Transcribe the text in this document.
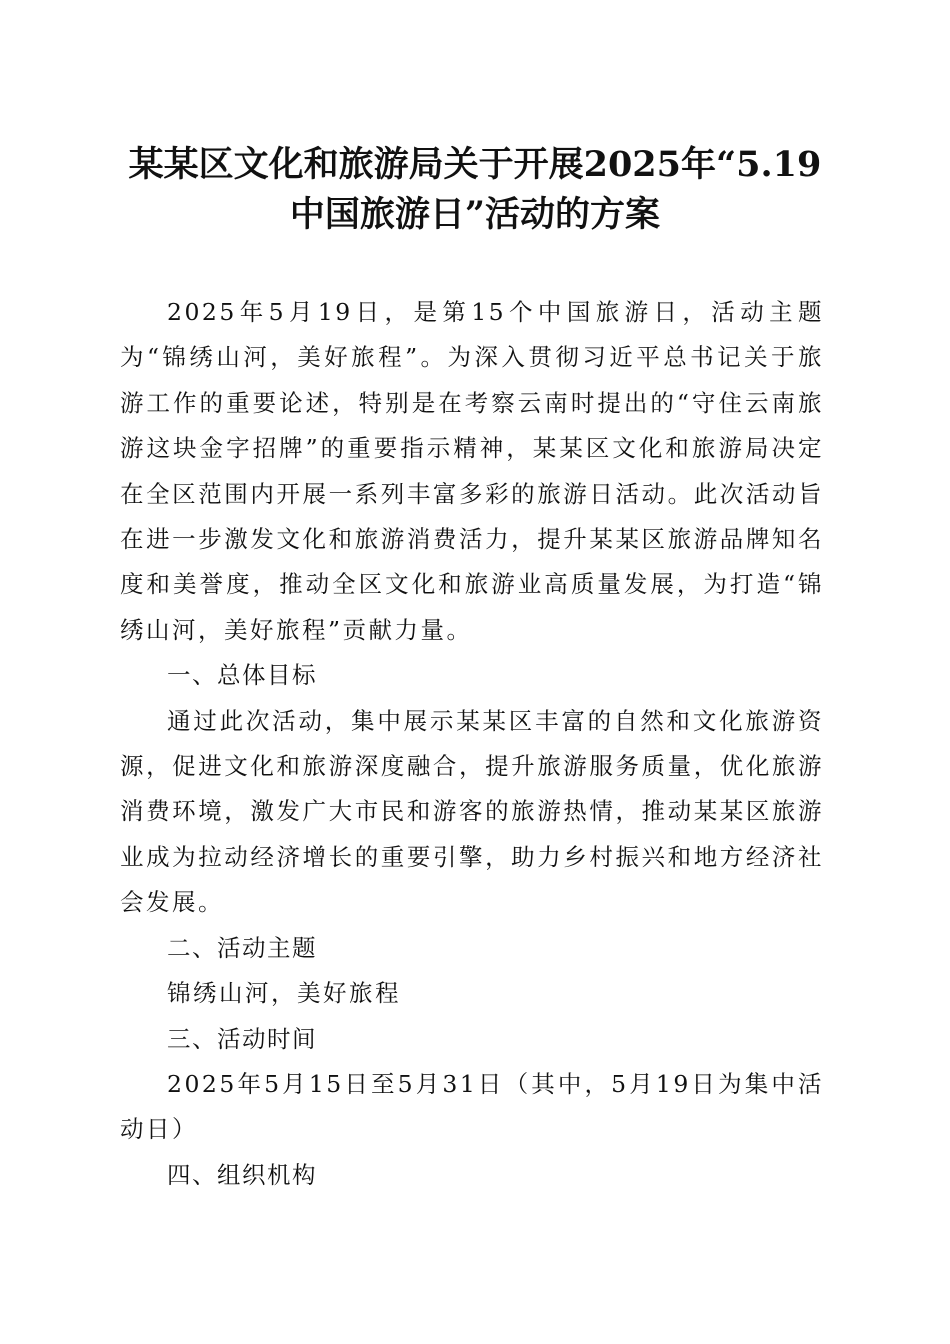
某某区文化和旅游局关于开展2025年“5.19
中国旅游日”活动的方案

2025年5月19日，是第15个中国旅游日，活动主题为“锦绣山河，美好旅程”。为深入贯彻习近平总书记关于旅游工作的重要论述，特别是在考察云南时提出的“守住云南旅游这块金字招牌”的重要指示精神，某某区文化和旅游局决定在全区范围内开展一系列丰富多彩的旅游日活动。此次活动旨在进一步激发文化和旅游消费活力，提升某某区旅游品牌知名度和美誉度，推动全区文化和旅游业高质量发展，为打造“锦绣山河，美好旅程”贡献力量。

一、总体目标

通过此次活动，集中展示某某区丰富的自然和文化旅游资源，促进文化和旅游深度融合，提升旅游服务质量，优化旅游消费环境，激发广大市民和游客的旅游热情，推动某某区旅游业成为拉动经济增长的重要引擎，助力乡村振兴和地方经济社会发展。

二、活动主题

锦绣山河，美好旅程

三、活动时间

2025年5月15日至5月31日（其中，5月19日为集中活动日）

四、组织机构
